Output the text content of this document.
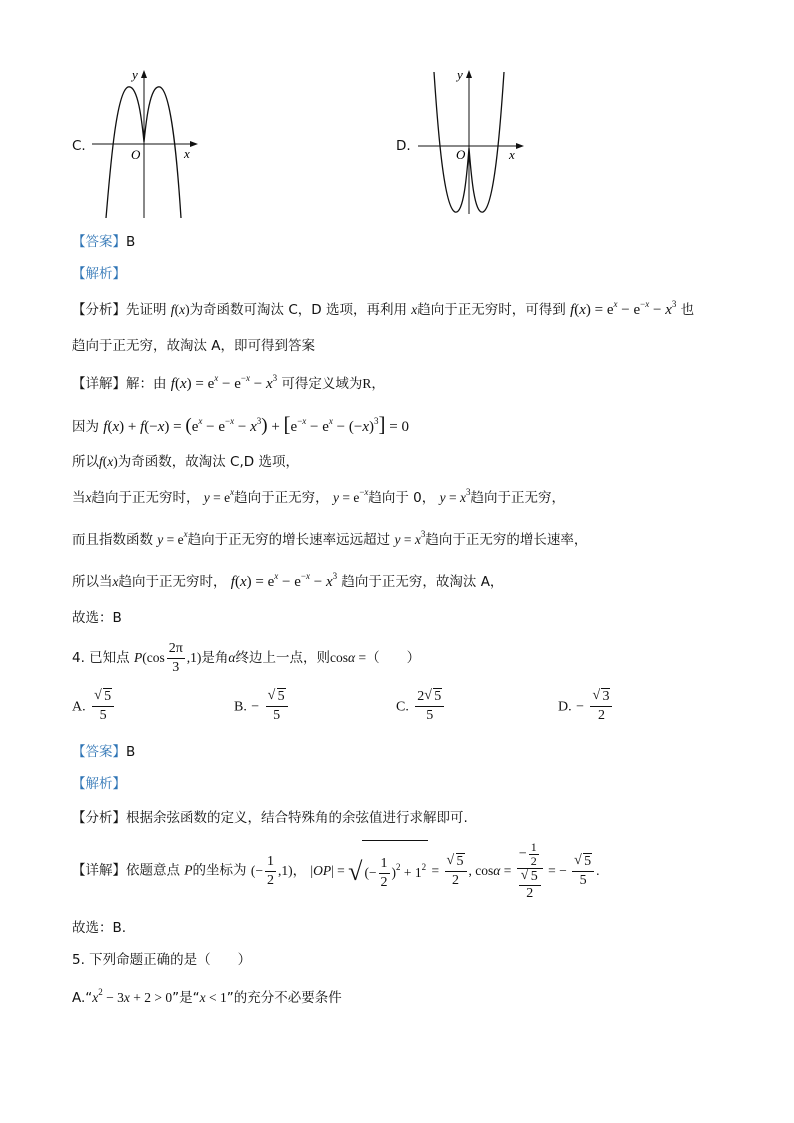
y
O	x
C.
y
O	x
D.
【答案】B
【解析】
【分析】先证明 f(x)为奇函数可淘汰 C，D 选项，再利用 x趋向于正无穷时，可得到 $f(x) = e^x - e^{-x} - x^3$ 也
趋向于正无穷，故淘汰 A，即可得到答案
【详解】解：由 $f(x) = e^x - e^{-x} - x^3$ 可得定义域为R，
因为 $f(x) + f(-x) = (e^x - e^{-x} - x^3) + [e^{-x} - e^x - (-x)^3] = 0$
所以f(x)为奇函数，故淘汰 C,D 选项，
当x趋向于正无穷时， $y = e^x$趋向于正无穷， $y = e^{-x}$趋向于 0， $y = x^3$趋向于正无穷，
而且指数函数 $y = e^x$趋向于正无穷的增长速率远远超过 $y = x^3$趋向于正无穷的增长速率，
所以当x趋向于正无穷时， $f(x) = e^x - e^{-x} - x^3$ 趋向于正无穷，故淘汰 A，
故选：B
4. 已知点 $P(\cos \frac{2\pi}{3} ,1)$是角α终边上一点，则cosα =（　　）
A. √ $\frac{5}{5}$	B. − √ $\frac{5}{5}$	C. $\frac{2 √ 5}{5}$	D. − √ $\frac{3}{2}$
【答案】B
【解析】
【分析】根据余弦函数的定义，结合特殊角的余弦值进行求解即可.
【详解】依题意点 P的坐标为 (− $\frac{1}{2} ,1$)， |OP| = √ (− $\frac{1}{2} )^2 + 1^2$ = √ $\frac{5}{2}$ , cosα = − $\frac{1}{2}$
√ $\frac{5}{2}$ = − √ $\frac{5}{5}$ .
故选：B.
5. 下列命题正确的是（　　）
$A.“x^2 - 3x + 2 > 0$”是“x < 1”的充分不必要条件
